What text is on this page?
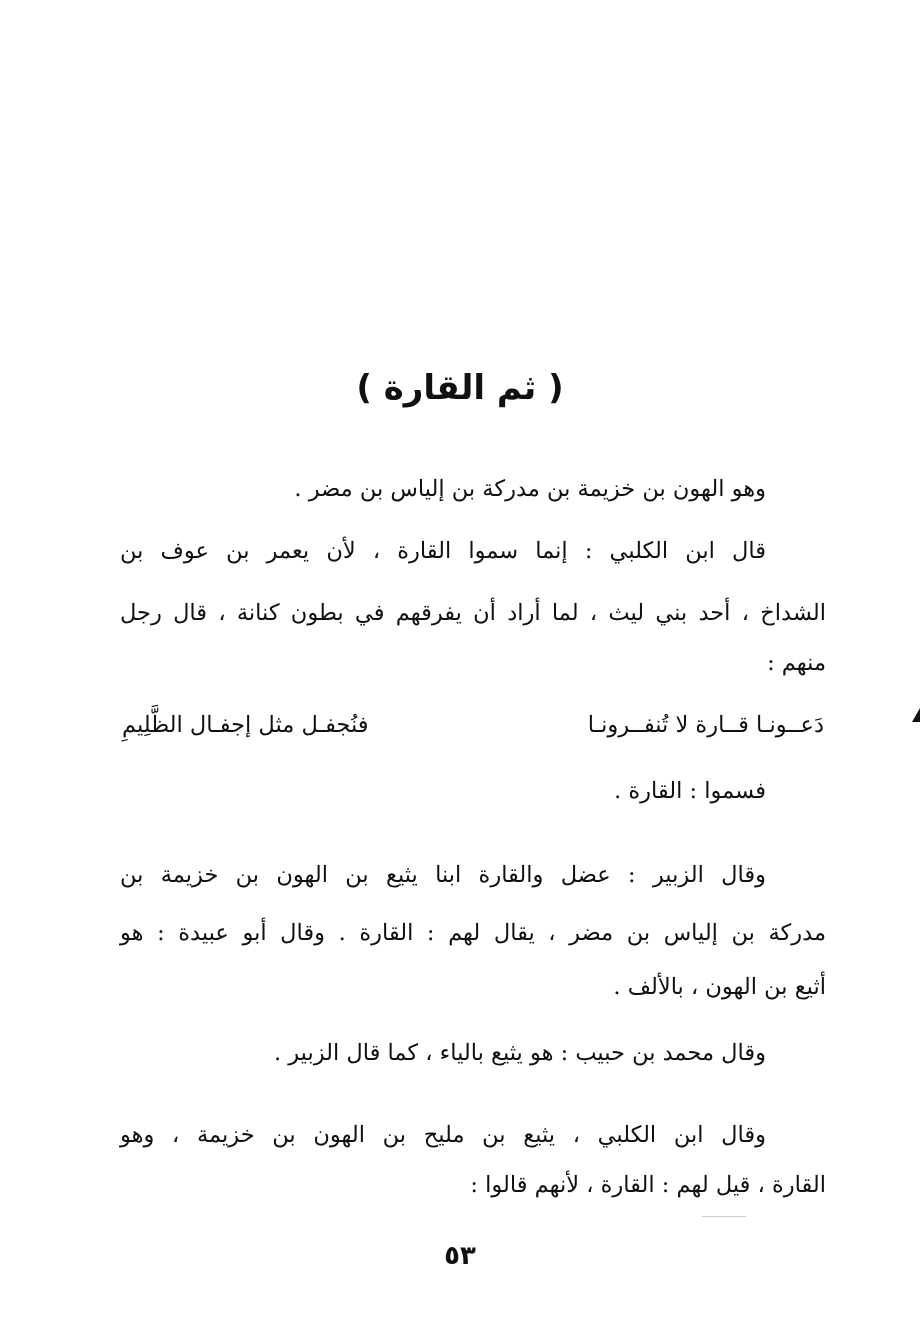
( ثم القارة )
وهو الهون بن خزيمة بن مدركة بن إلياس بن مضر .
قال ابن الكلبي : إنما سموا القارة ، لأن يعمر بن عوف بن
الشداخ ، أحد بني ليث ، لما أراد أن يفرقهم في بطون كنانة ، قال رجل
منهم :
دَعــونـا قــارة لا تُنفــرونـا
فنُجفـل مثل إجفـال الظَّلِيمِ
فسموا : القارة .
وقال الزبير : عضل والقارة ابنا يثيع بن الهون بن خزيمة بن
مدركة بن إلياس بن مضر ، يقال لهم : القارة . وقال أبو عبيدة : هو
أثيع بن الهون ، بالألف .
وقال محمد بن حبيب : هو يثيع بالياء ، كما قال الزبير .
وقال ابن الكلبي ، يثيع بن مليح بن الهون بن خزيمة ، وهو
القارة ، قيل لهم : القارة ، لأنهم قالوا :
٥٣
